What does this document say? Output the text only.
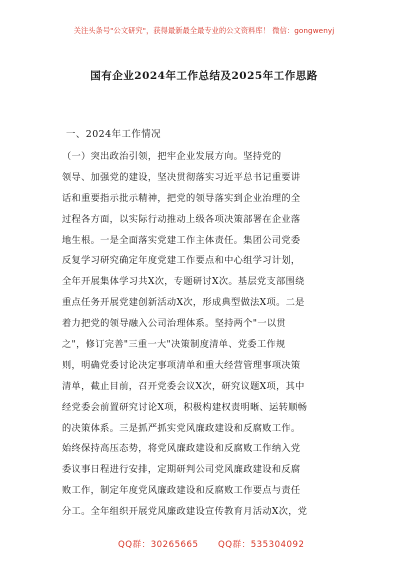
关注头条号"公文研究"，获得最新最全最专业的公文资料库！ 微信：gongwenyj
国有企业2024年工作总结及2025年工作思路
一、2024年工作情况
（一）突出政治引领，把牢企业发展方向。坚持党的
领导、加强党的建设，坚决贯彻落实习近平总书记重要讲
话和重要指示批示精神，把党的领导落实到企业治理的全
过程各方面，以实际行动推动上级各项决策部署在企业落
地生根。一是全面落实党建工作主体责任。集团公司党委
反复学习研究确定年度党建工作要点和中心组学习计划，
全年开展集体学习共X次，专题研讨X次。基层党支部围绕
重点任务开展党建创新活动X次，形成典型做法X项。二是
着力把党的领导融入公司治理体系。坚持两个"一以贯
之"，修订完善"三重一大"决策制度清单、党委工作规
则，明确党委讨论决定事项清单和重大经营管理事项决策
清单，截止目前，召开党委会议X次，研究议题X项，其中
经党委会前置研究讨论X项，积极构建权责明晰、运转顺畅
的决策体系。三是抓严抓实党风廉政建设和反腐败工作。
始终保持高压态势，将党风廉政建设和反腐败工作纳入党
委议事日程进行安排，定期研判公司党风廉政建设和反腐
败工作，制定年度党风廉政建设和反腐败工作要点与责任
分工。全年组织开展党风廉政建设宣传教育月活动X次，党
QQ群：30265665 QQ群：535304092
